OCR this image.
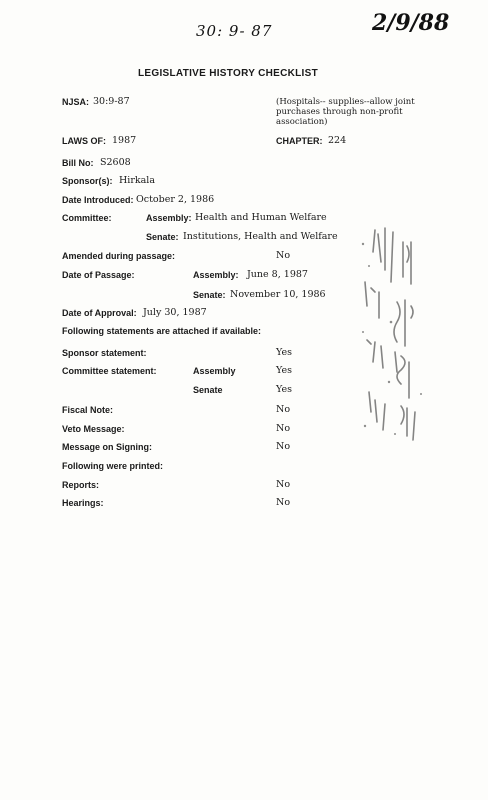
30: 9- 87	2/9/88
LEGISLATIVE HISTORY CHECKLIST
NJSA: 30:9-87	(Hospitals-- supplies--allow joint
purchases through non-profit
association)
LAWS OF: 1987	CHAPTER: 224
Bill No: S2608
Sponsor(s): Hirkala
Date Introduced: October 2, 1986
Committee:	Assembly: Health and Human Welfare
Senate: Institutions, Health and Welfare
Amended during passage:	No
Date of Passage:	Assembly: June 8, 1987
Senate: November 10, 1986
Date of Approval: July 30, 1987
Following statements are attached if available:
Sponsor statement:	Yes
Committee statement:	Assembly	Yes
Senate	Yes
Fiscal Note:	No
Veto Message:	No
Message on Signing:	No
Following were printed:
Reports:	No
Hearings:	No
